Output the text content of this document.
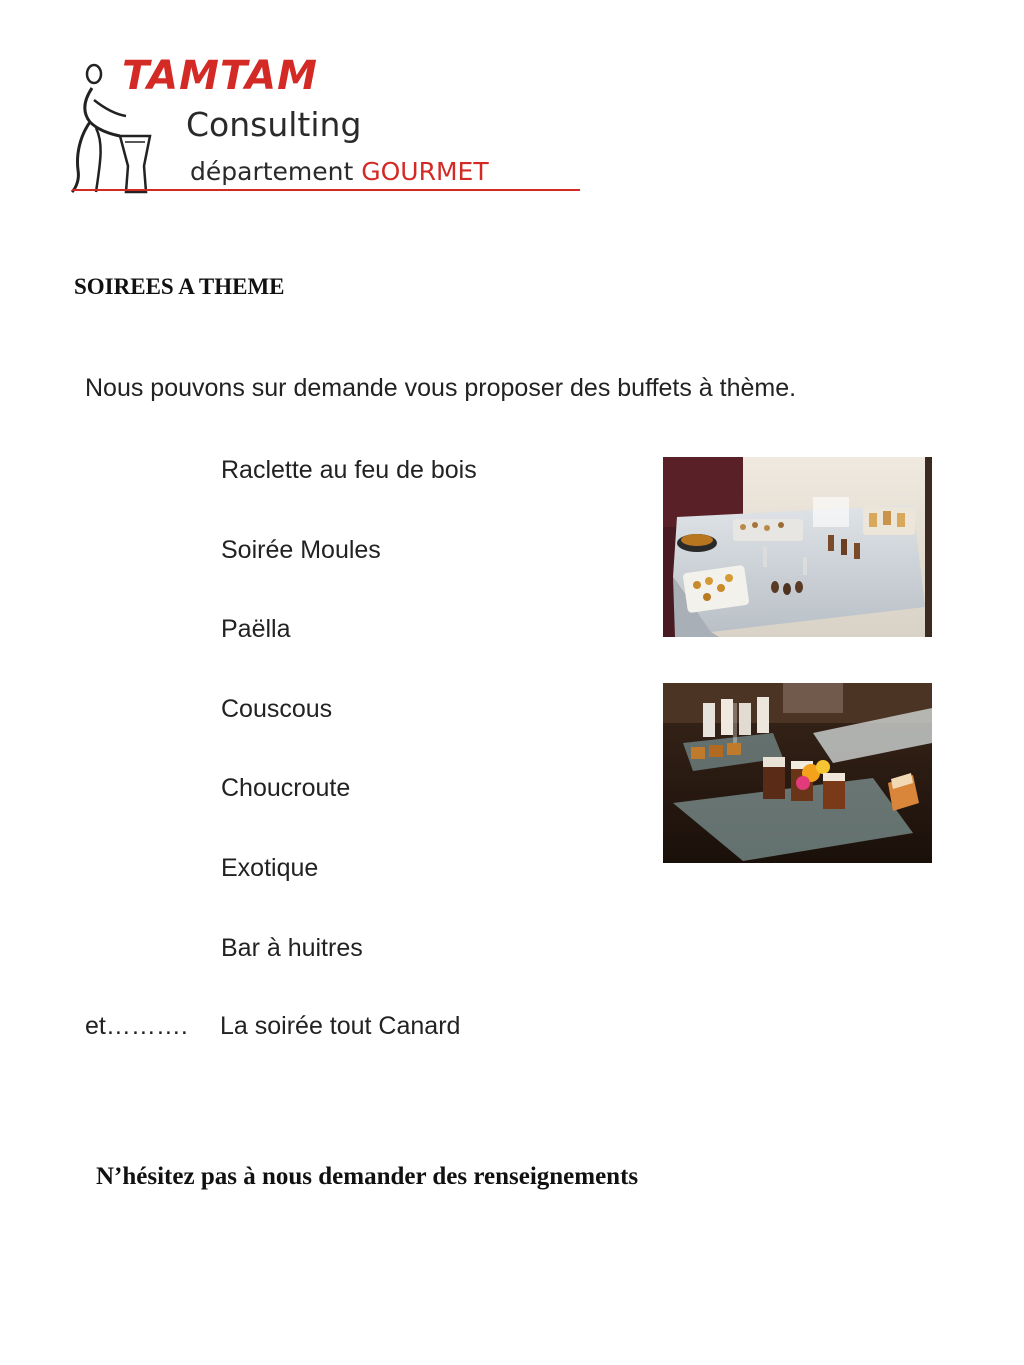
TAMTAM
Consulting
département GOURMET
SOIREES A THEME

Nous pouvons sur demande vous proposer des buffets à thème.

Raclette au feu de bois
Soirée Moules
Paëlla
Couscous
Choucroute
Exotique
Bar à huitres
et………. La soirée tout Canard

N’hésitez pas à nous demander des renseignements
